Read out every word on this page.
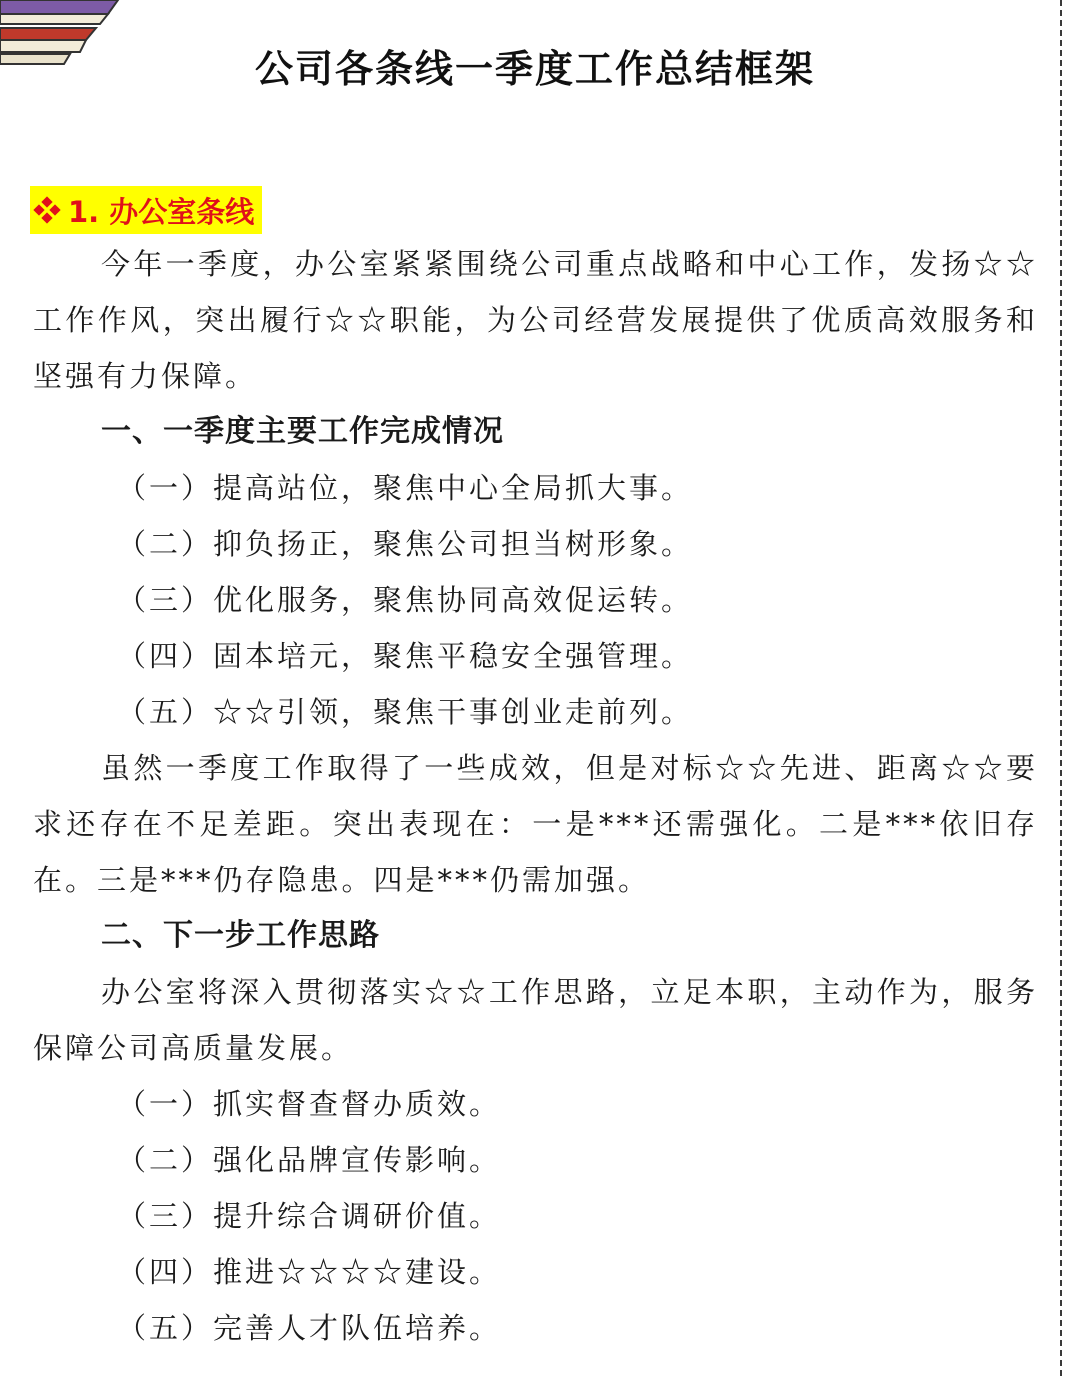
公司各条线一季度工作总结框架
1. 办公室条线
今年一季度，办公室紧紧围绕公司重点战略和中心工作，发扬☆☆工作作风，突出履行☆☆职能，为公司经营发展提供了优质高效服务和坚强有力保障。
一、一季度主要工作完成情况
（一）提高站位，聚焦中心全局抓大事。
（二）抑负扬正，聚焦公司担当树形象。
（三）优化服务，聚焦协同高效促运转。
（四）固本培元，聚焦平稳安全强管理。
（五）☆☆引领，聚焦干事创业走前列。
虽然一季度工作取得了一些成效，但是对标☆☆先进、距离☆☆要求还存在不足差距。突出表现在：一是***还需强化。二是***依旧存在。三是***仍存隐患。四是***仍需加强。
二、下一步工作思路
办公室将深入贯彻落实☆☆工作思路，立足本职，主动作为，服务保障公司高质量发展。
（一）抓实督查督办质效。
（二）强化品牌宣传影响。
（三）提升综合调研价值。
（四）推进☆☆☆☆建设。
（五）完善人才队伍培养。
